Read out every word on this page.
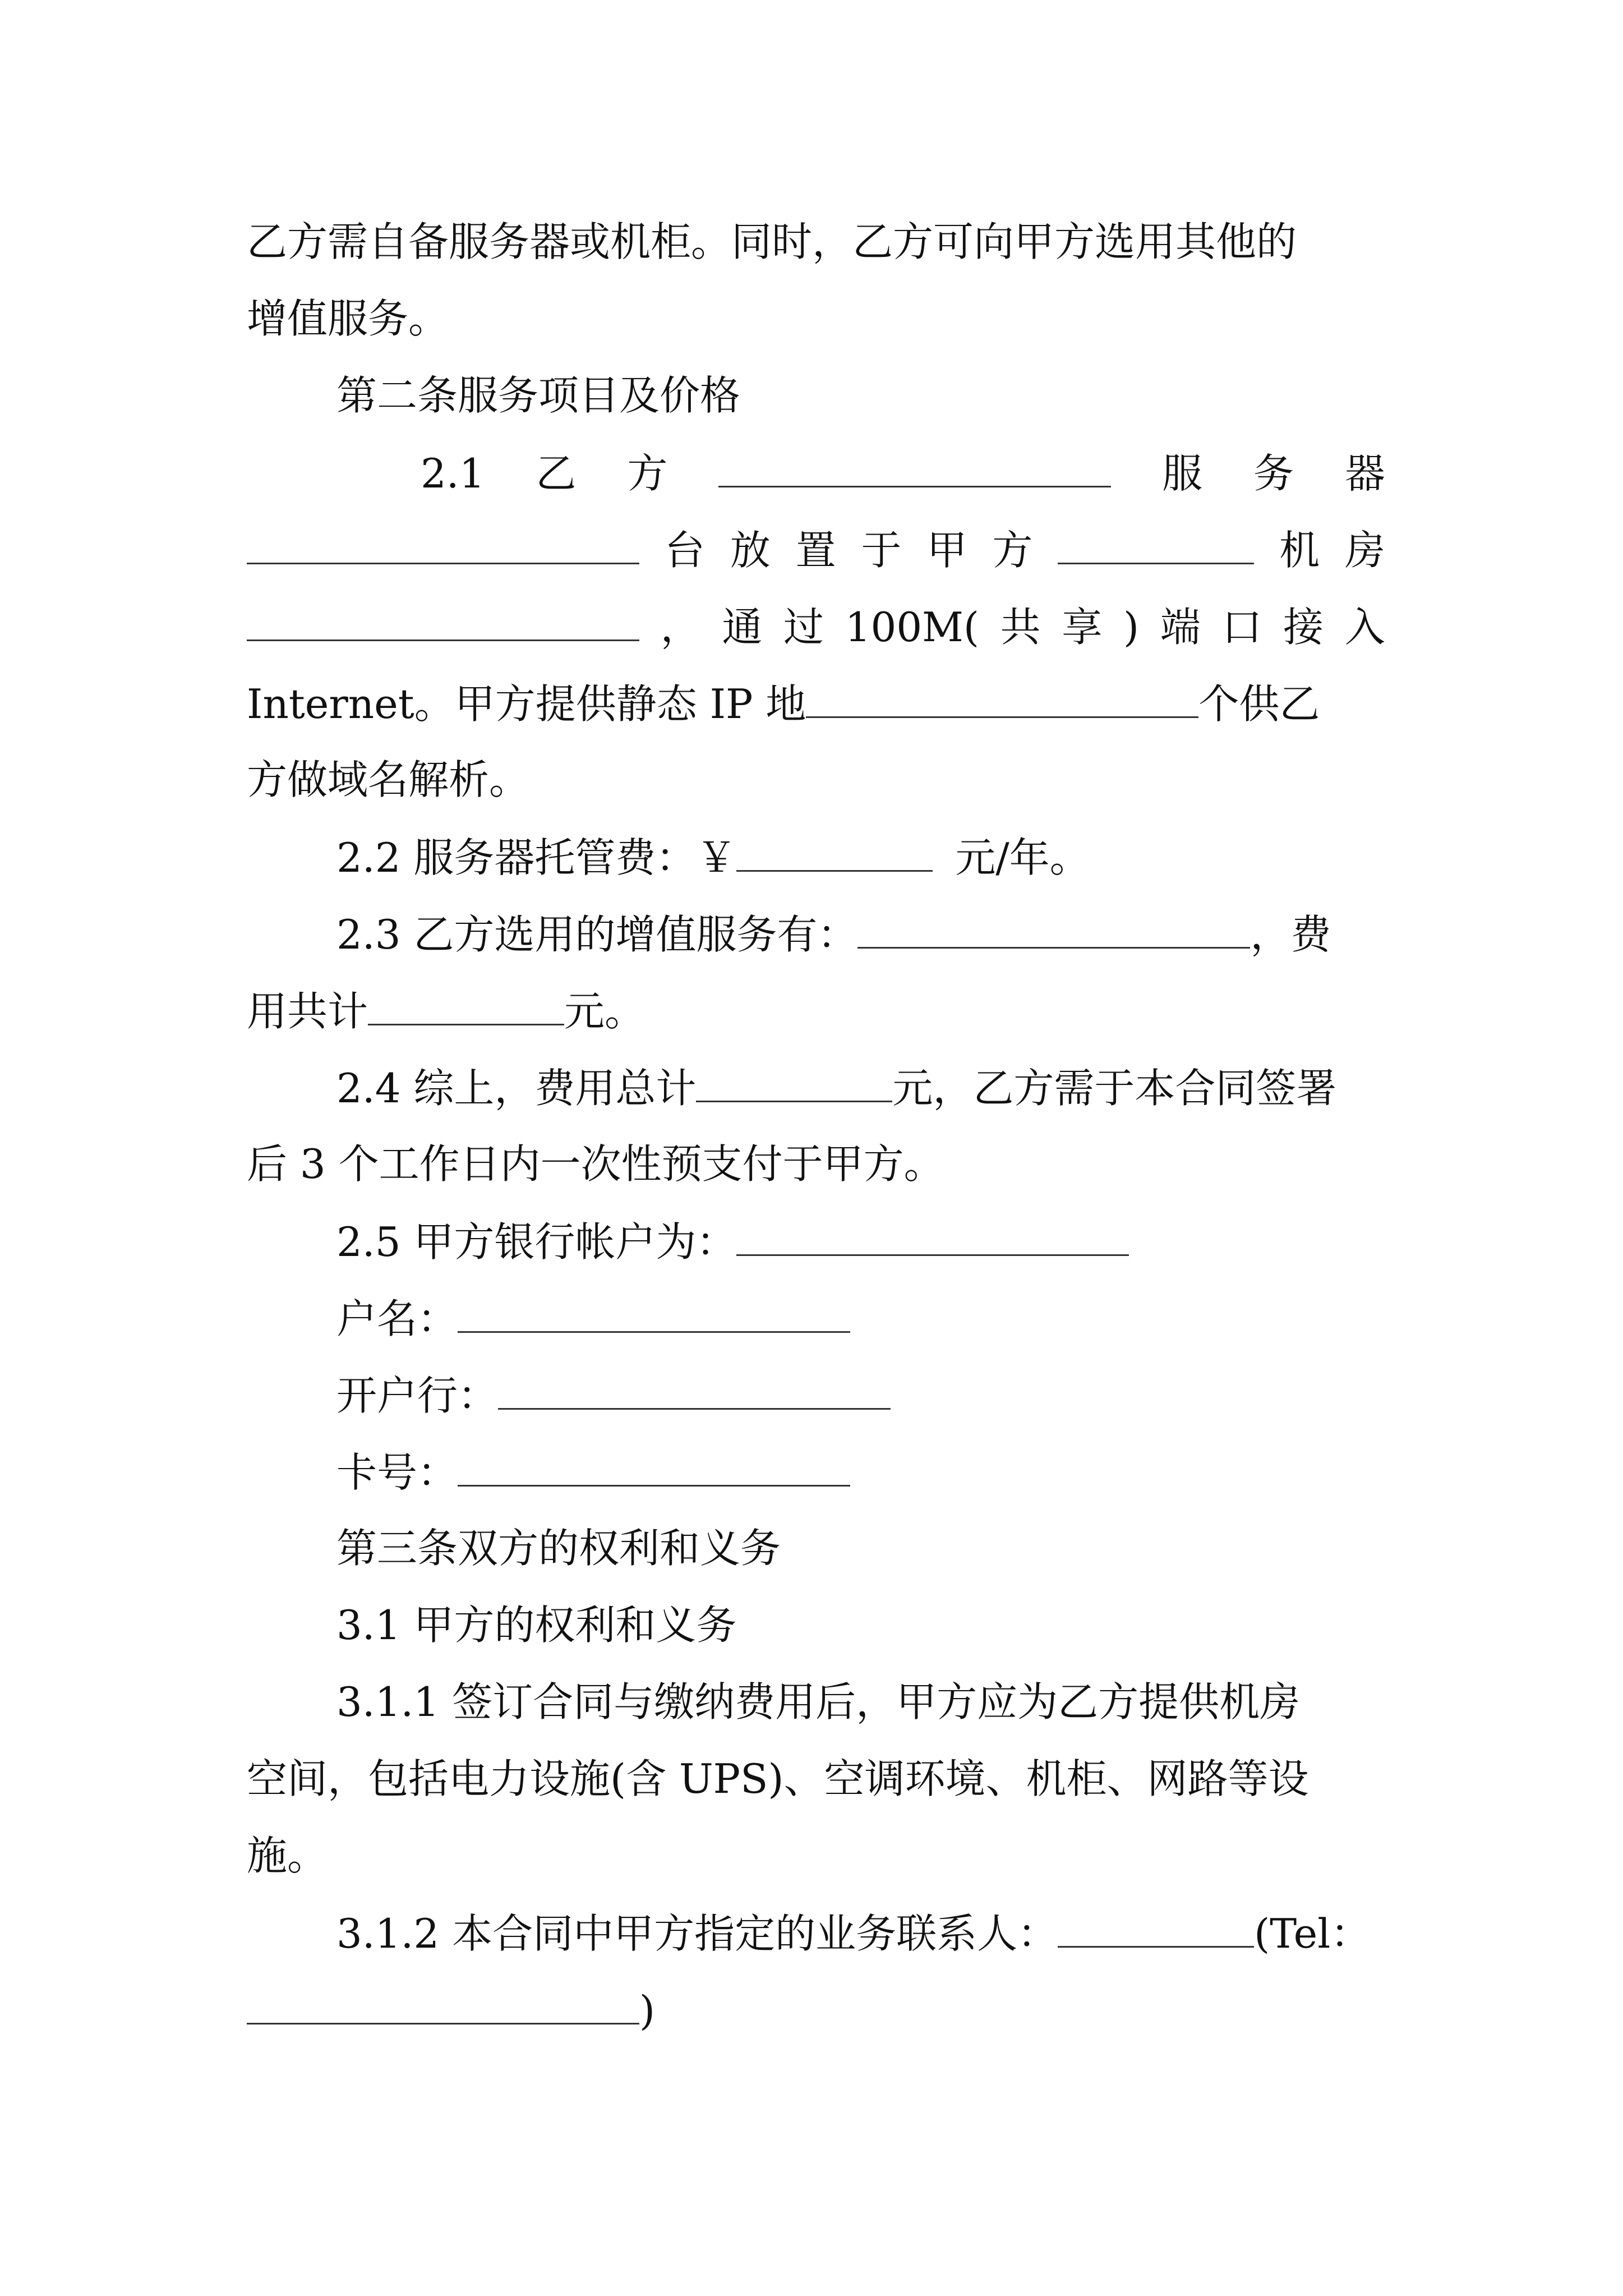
乙方需自备服务器或机柜。同时，乙方可向甲方选用其他的
增值服务。
第二条服务项目及价格
2.1 乙 方	服 务 器
台 放 置 于 甲 方	机 房
， 通 过 100M( 共 享 ) 端 口 接 入
Internet。甲方提供静态 IP 地	个供乙
方做域名解析。
2.2 服务器托管费：￥	元/年。
2.3 乙方选用的增值服务有：	，费
用共计	元。
2.4 综上，费用总计	元，乙方需于本合同签署
后 3 个工作日内一次性预支付于甲方。
2.5 甲方银行帐户为：
户名：
开户行：
卡号：
第三条双方的权利和义务
3.1 甲方的权利和义务
3.1.1 签订合同与缴纳费用后，甲方应为乙方提供机房
空间，包括电力设施(含 UPS)、空调环境、机柜、网路等设
施。
3.1.2 本合同中甲方指定的业务联系人：	(Tel：
)
